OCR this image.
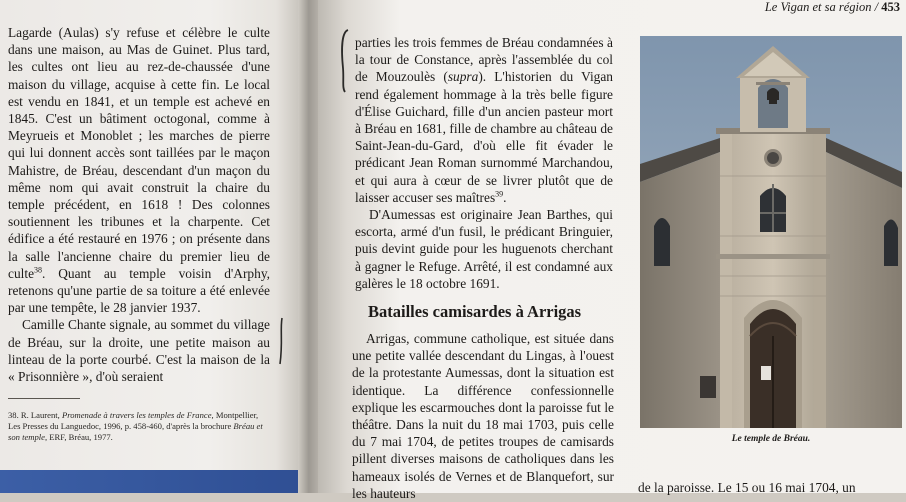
Lagarde (Aulas) s'y refuse et célèbre le culte dans une maison, au Mas de Guinet. Plus tard, les cultes ont lieu au rez-de-chaussée d'une maison du village, acquise à cette fin. Le local est vendu en 1841, et un temple est achevé en 1845. C'est un bâtiment octogonal, comme à Meyrueis et Monoblet ; les marches de pierre qui lui donnent accès sont taillées par le maçon Mahistre, de Bréau, descendant d'un maçon du même nom qui avait construit la chaire du temple précédent, en 1618 ! Des colonnes soutiennent les tribunes et la charpente. Cet édifice a été restauré en 1976 ; on présente dans la salle l'ancienne chaire du premier lieu de culte$^{38}$. Quant au temple voisin d'Arphy, retenons qu'une partie de sa toiture a été enlevée par une tempête, le 28 janvier 1937.

Camille Chante signale, au sommet du village de Bréau, sur la droite, une petite maison au linteau de la porte courbé. C'est la maison de la « Prisonnière », d'où seraient

38. R. Laurent, Promenade à travers les temples de France, Montpellier, Les Presses du Languedoc, 1996, p. 458-460, d'après la brochure Bréau et son temple, ERF, Bréau, 1977.
Le Vigan et sa région / 453

parties les trois femmes de Bréau condamnées à la tour de Constance, après l'assemblée du col de Mouzoulès (supra). L'historien du Vigan rend également hommage à la très belle figure d'Élise Guichard, fille d'un ancien pasteur mort à Bréau en 1681, fille de chambre au château de Saint-Jean-du-Gard, d'où elle fit évader le prédicant Jean Roman surnommé Marchandou, et qui aura à cœur de se livrer plutôt que de laisser accuser ses maîtres$^{39}$.

D'Aumessas est originaire Jean Barthes, qui escorta, armé d'un fusil, le prédicant Bringuier, puis devint guide pour les huguenots cherchant à gagner le Refuge. Arrêté, il est condamné aux galères le 18 octobre 1691.

Batailles camisardes à Arrigas

Arrigas, commune catholique, est située dans une petite vallée descendant du Lingas, à l'ouest de la protestante Aumessas, dont la situation est identique. La différence confessionnelle explique les escarmouches dont la paroisse fut le théâtre. Dans la nuit du 18 mai 1703, puis celle du 7 mai 1704, de petites troupes de camisards pillent diverses maisons de catholiques dans les hameaux isolés de Vernes et de Blanquefort, sur les hauteurs

Le temple de Bréau.
de la paroisse. Le 15 ou 16 mai 1704, un
